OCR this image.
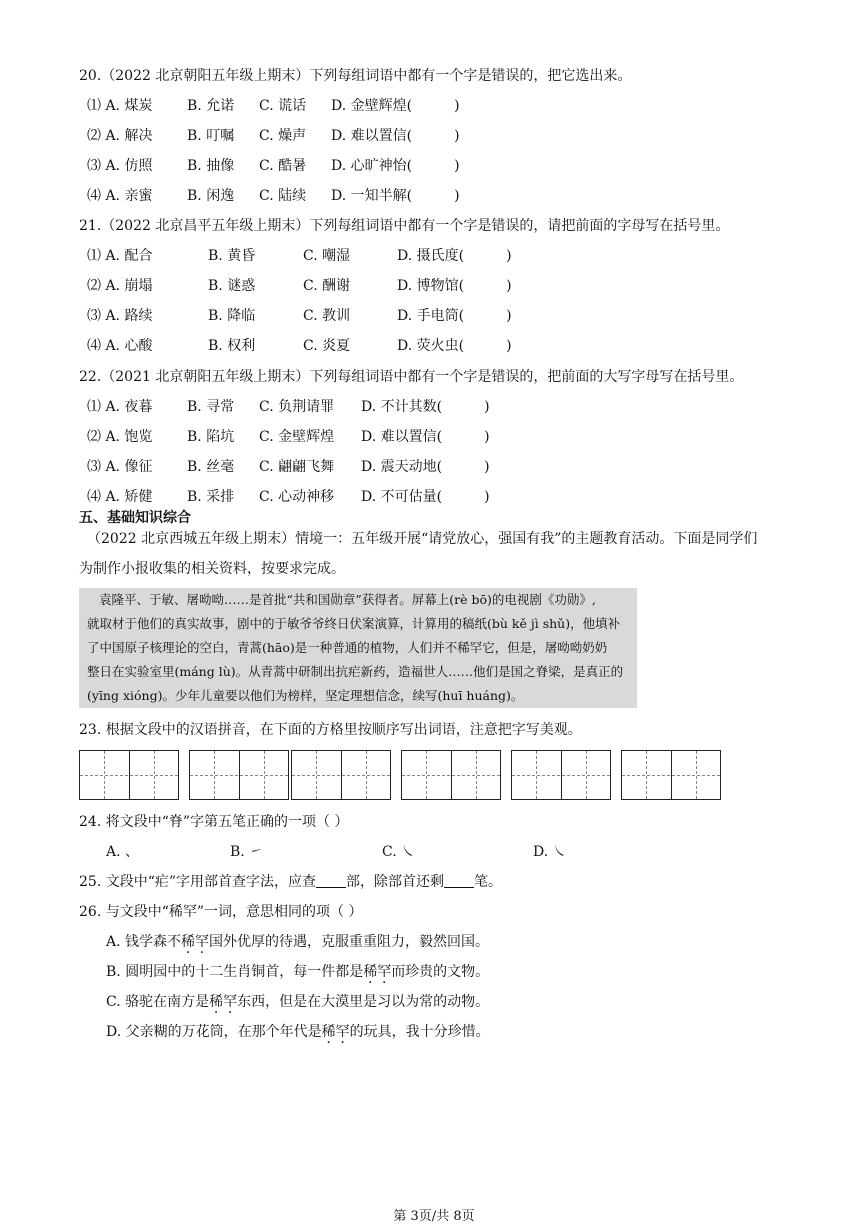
20.（2022 北京朝阳五年级上期末）下列每组词语中都有一个字是错误的，把它选出来。
⑴ A. 煤炭 B. 允诺 C. 谎话 D. 金壁辉煌(　　　)
⑵ A. 解决 B. 叮嘱 C. 燥声 D. 难以置信(　　　)
⑶ A. 仿照 B. 抽像 C. 酷暑 D. 心旷神怡(　　　)
⑷ A. 亲蜜 B. 闲逸 C. 陆续 D. 一知半解(　　　)
21.（2022 北京昌平五年级上期末）下列每组词语中都有一个字是错误的，请把前面的字母写在括号里。
⑴ A. 配合	B. 黄昏	C. 嘲湿	D. 摄氏度(　　　)
⑵ A. 崩塌	B. 谜惑	C. 酬谢	D. 博物馆(　　　)
⑶ A. 路续	B. 降临	C. 教训	D. 手电筒(　　　)
⑷ A. 心酸	B. 权利	C. 炎夏	D. 荧火虫(　　　)
22.（2021 北京朝阳五年级上期末）下列每组词语中都有一个字是错误的，把前面的大写字母写在括号里。
⑴ A. 夜暮 B. 寻常 C. 负荆请罪 D. 不计其数(　　　)
⑵ A. 饱览 B. 陷坑 C. 金壁辉煌 D. 难以置信(　　　)
⑶ A. 像征 B. 丝毫 C. 翩翩飞舞 D. 震天动地(　　　)
⑷ A. 矫健 B. 采排 C. 心动神移 D. 不可估量(　　　)
五、基础知识综合
（2022 北京西城五年级上期末）情境一：五年级开展“请党放心，强国有我”的主题教育活动。下面是同学们
为制作小报收集的相关资料，按要求完成。
袁隆平、于敏、屠呦呦……是首批“共和国勋章”获得者。屏幕上(rè bō)的电视剧《功勋》,
就取材于他们的真实故事，剧中的于敏爷爷终日伏案演算，计算用的稿纸(bù kě jì shǔ)，他填补
了中国原子核理论的空白，青蒿(hāo)是一种普通的植物，人们并不稀罕它，但是，屠呦呦奶奶
整日在实验室里(máng lù)。从青蒿中研制出抗疟新药，造福世人……他们是国之脊梁，是真正的
(yīng xióng)。少年儿童要以他们为榜样，坚定理想信念，续写(huī huáng)。
23. 根据文段中的汉语拼音，在下面的方格里按顺序写出词语，注意把字写美观。
24. 将文段中“脊”字第五笔正确的一项（ ）
A. 、	B. ㇀	C. ㇏	D. ㇏
25. 文段中“疟”字用部首查字法，应查 部，除部首还剩 笔。
26. 与文段中“稀罕”一词，意思相同的项（ ）
A. 钱学森不稀罕国外优厚的待遇，克服重重阻力，毅然回国。
B. 圆明园中的十二生肖铜首，每一件都是稀罕而珍贵的文物。
C. 骆驼在南方是稀罕东西，但是在大漠里是习以为常的动物。
D. 父亲糊的万花筒，在那个年代是稀罕的玩具，我十分珍惜。
第 3页/共 8页
